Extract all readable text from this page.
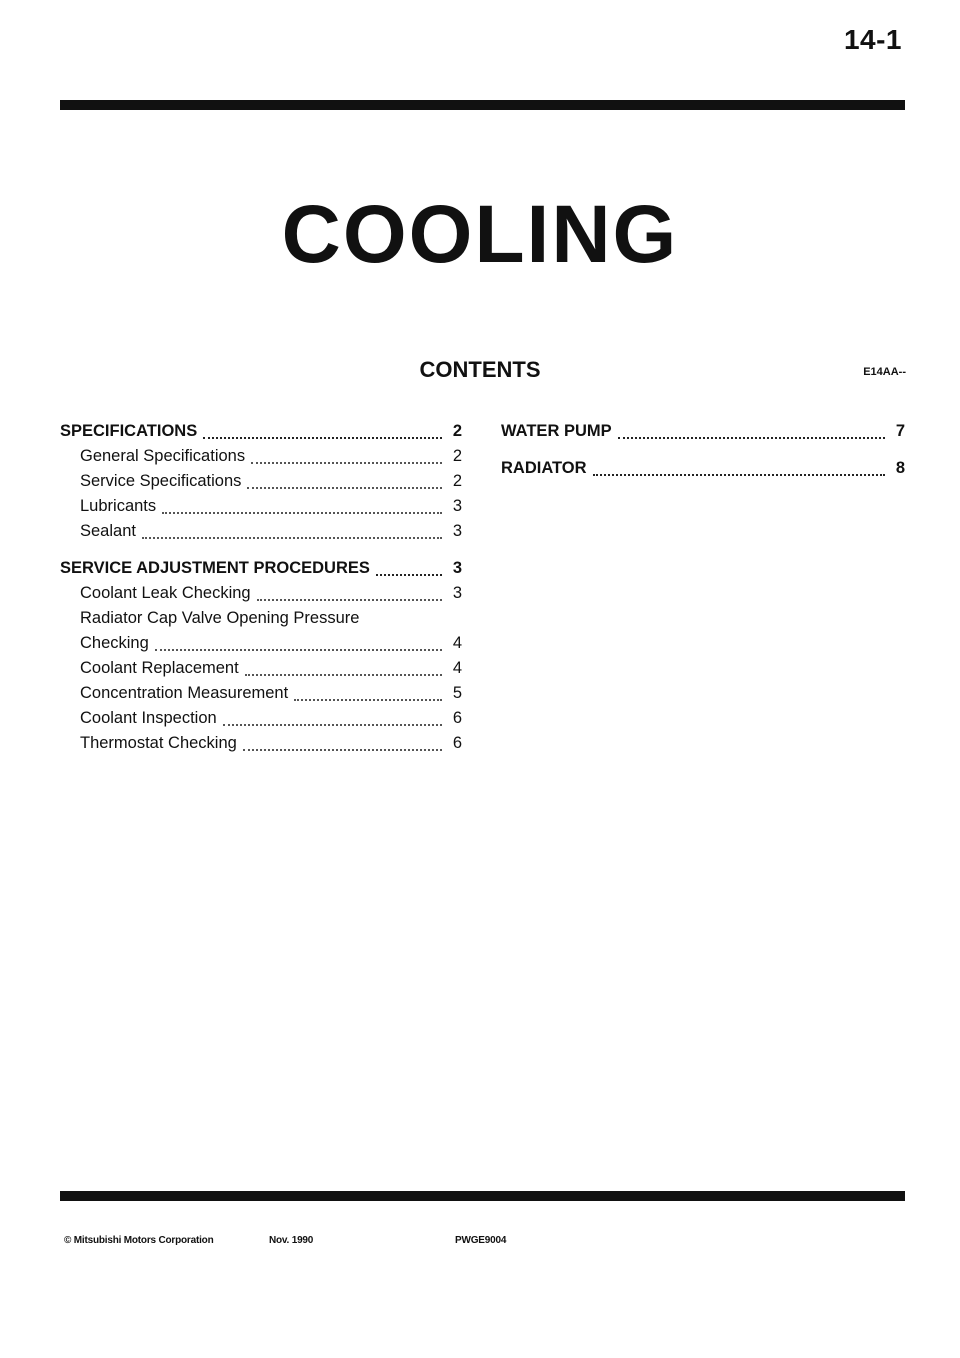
14-1
COOLING
CONTENTS	E14AA--
SPECIFICATIONS	2
General Specifications	2
Service Specifications	2
Lubricants	3
Sealant	3
SERVICE ADJUSTMENT PROCEDURES	3
Coolant Leak Checking	3
Radiator Cap Valve Opening Pressure
Checking	4
Coolant Replacement	4
Concentration Measurement	5
Coolant Inspection	6
Thermostat Checking	6
WATER PUMP	7
RADIATOR	8
© Mitsubishi Motors Corporation	Nov. 1990	PWGE9004
